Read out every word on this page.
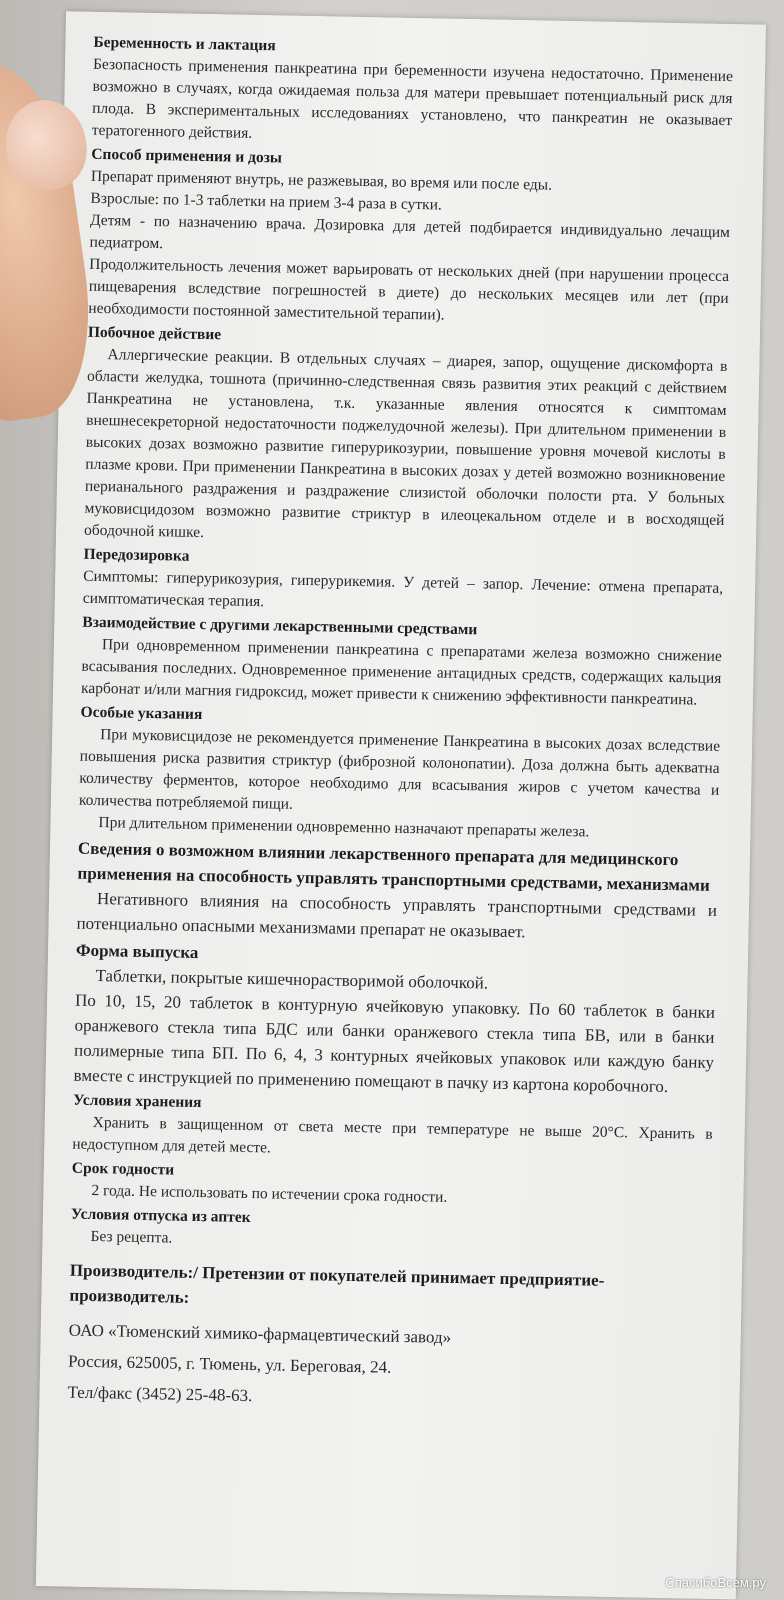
Беременность и лактация
Безопасность применения панкреатина при беременности изучена недостаточно. Применение возможно в случаях, когда ожидаемая польза для матери превышает потенциальный риск для плода. В экспериментальных исследованиях установлено, что панкреатин не оказывает тератогенного действия.
Способ применения и дозы
Препарат применяют внутрь, не разжевывая, во время или после еды.
Взрослые: по 1-3 таблетки на прием 3-4 раза в сутки.
Детям - по назначению врача. Дозировка для детей подбирается индивидуально лечащим педиатром.
Продолжительность лечения может варьировать от нескольких дней (при нарушении процесса пищеварения вследствие погрешностей в диете) до нескольких месяцев или лет (при необходимости постоянной заместительной терапии).
Побочное действие
Аллергические реакции. В отдельных случаях – диарея, запор, ощущение дискомфорта в области желудка, тошнота (причинно-следственная связь развития этих реакций с действием Панкреатина не установлена, т.к. указанные явления относятся к симптомам внешнесекреторной недостаточности поджелудочной железы). При длительном применении в высоких дозах возможно развитие гиперурикозурии, повышение уровня мочевой кислоты в плазме крови. При применении Панкреатина в высоких дозах у детей возможно возникновение перианального раздражения и раздражение слизистой оболочки полости рта. У больных муковисцидозом возможно развитие стриктур в илеоцекальном отделе и в восходящей ободочной кишке.
Передозировка
Симптомы: гиперурикозурия, гиперурикемия. У детей – запор. Лечение: отмена препарата, симптоматическая терапия.
Взаимодействие с другими лекарственными средствами
При одновременном применении панкреатина с препаратами железа возможно снижение всасывания последних. Одновременное применение антацидных средств, содержащих кальция карбонат и/или магния гидроксид, может привести к снижению эффективности панкреатина.
Особые указания
При муковисцидозе не рекомендуется применение Панкреатина в высоких дозах вследствие повышения риска развития стриктур (фиброзной колонопатии). Доза должна быть адекватна количеству ферментов, которое необходимо для всасывания жиров с учетом качества и количества потребляемой пищи.
При длительном применении одновременно назначают препараты железа.
Сведения о возможном влиянии лекарственного препарата для медицинского применения на способность управлять транспортными средствами, механизмами
Негативного влияния на способность управлять транспортными средствами и потенциально опасными механизмами препарат не оказывает.
Форма выпуска
Таблетки, покрытые кишечнорастворимой оболочкой.
По 10, 15, 20 таблеток в контурную ячейковую упаковку. По 60 таблеток в банки оранжевого стекла типа БДС или банки оранжевого стекла типа БВ, или в банки полимерные типа БП. По 6, 4, 3 контурных ячейковых упаковок или каждую банку вместе с инструкцией по применению помещают в пачку из картона коробочного.
Условия хранения
Хранить в защищенном от света месте при температуре не выше 20°С. Хранить в недоступном для детей месте.
Срок годности
2 года. Не использовать по истечении срока годности.
Условия отпуска из аптек
Без рецепта.
Производитель:/ Претензии от покупателей принимает предприятие-производитель:
ОАО «Тюменский химико-фармацевтический завод»
Россия, 625005, г. Тюмень, ул. Береговая, 24.
Тел/факс (3452) 25-48-63.
СпасибоВсем.ру
